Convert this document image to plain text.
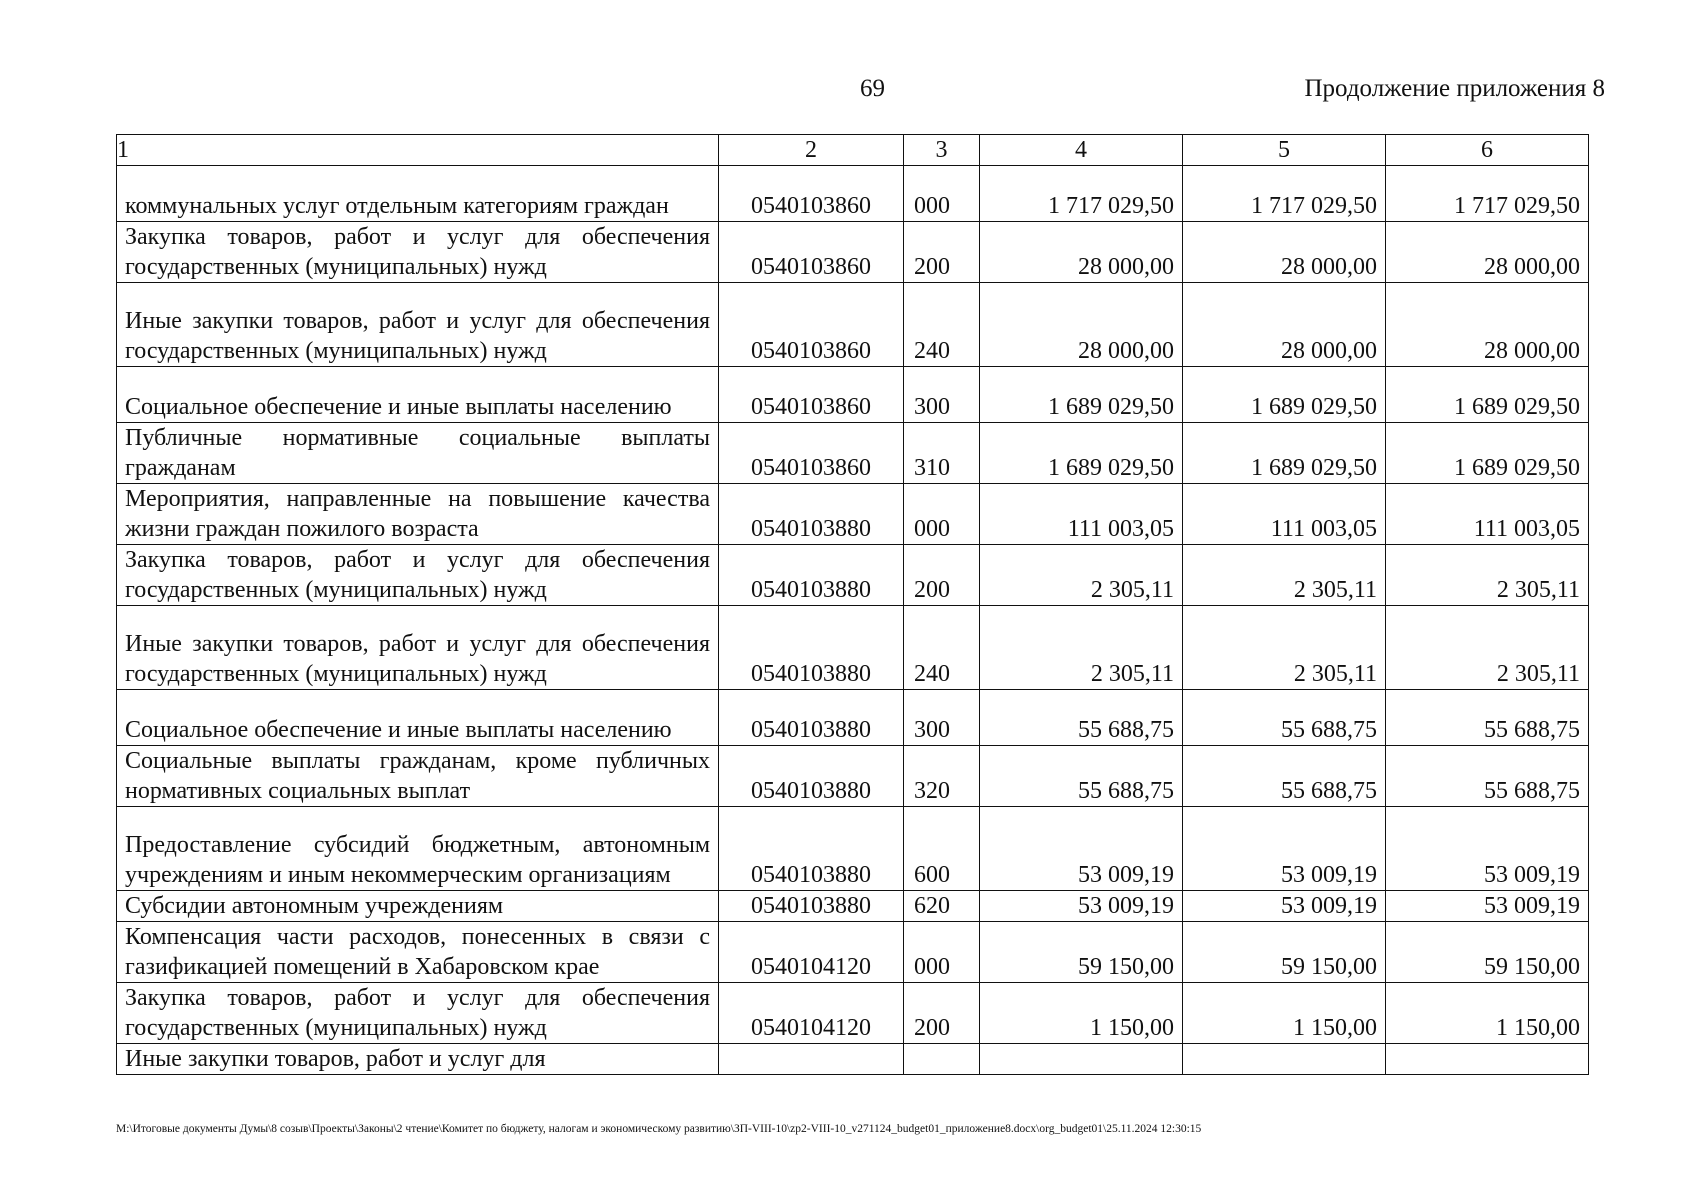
69	Продолжение приложения 8
1	2	3	4	5	6
коммунальных услуг отдельным категориям граждан	0540103860	000	1 717 029,50	1 717 029,50	1 717 029,50
Закупка товаров, работ и услуг для обеспечения государственных (муниципальных) нужд	0540103860	200	28 000,00	28 000,00	28 000,00
Иные закупки товаров, работ и услуг для обеспечения государственных (муниципальных) нужд	0540103860	240	28 000,00	28 000,00	28 000,00
Социальное обеспечение и иные выплаты населению	0540103860	300	1 689 029,50	1 689 029,50	1 689 029,50
Публичные нормативные социальные выплаты гражданам	0540103860	310	1 689 029,50	1 689 029,50	1 689 029,50
Мероприятия, направленные на повышение качества жизни граждан пожилого возраста	0540103880	000	111 003,05	111 003,05	111 003,05
Закупка товаров, работ и услуг для обеспечения государственных (муниципальных) нужд	0540103880	200	2 305,11	2 305,11	2 305,11
Иные закупки товаров, работ и услуг для обеспечения государственных (муниципальных) нужд	0540103880	240	2 305,11	2 305,11	2 305,11
Социальное обеспечение и иные выплаты населению	0540103880	300	55 688,75	55 688,75	55 688,75
Социальные выплаты гражданам, кроме публичных нормативных социальных выплат	0540103880	320	55 688,75	55 688,75	55 688,75
Предоставление субсидий бюджетным, автономным учреждениям и иным некоммерческим организациям	0540103880	600	53 009,19	53 009,19	53 009,19
Субсидии автономным учреждениям	0540103880	620	53 009,19	53 009,19	53 009,19
Компенсация части расходов, понесенных в связи с газификацией помещений в Хабаровском крае	0540104120	000	59 150,00	59 150,00	59 150,00
Закупка товаров, работ и услуг для обеспечения государственных (муниципальных) нужд	0540104120	200	1 150,00	1 150,00	1 150,00
Иные закупки товаров, работ и услуг для					
M:\Итоговые документы Думы\8 созыв\Проекты\Законы\2 чтение\Комитет по бюджету, налогам и экономическому развитию\ЗП-VIII-10\zp2-VIII-10_v271124_budget01_приложение8.docx\org_budget01\25.11.2024 12:30:15
